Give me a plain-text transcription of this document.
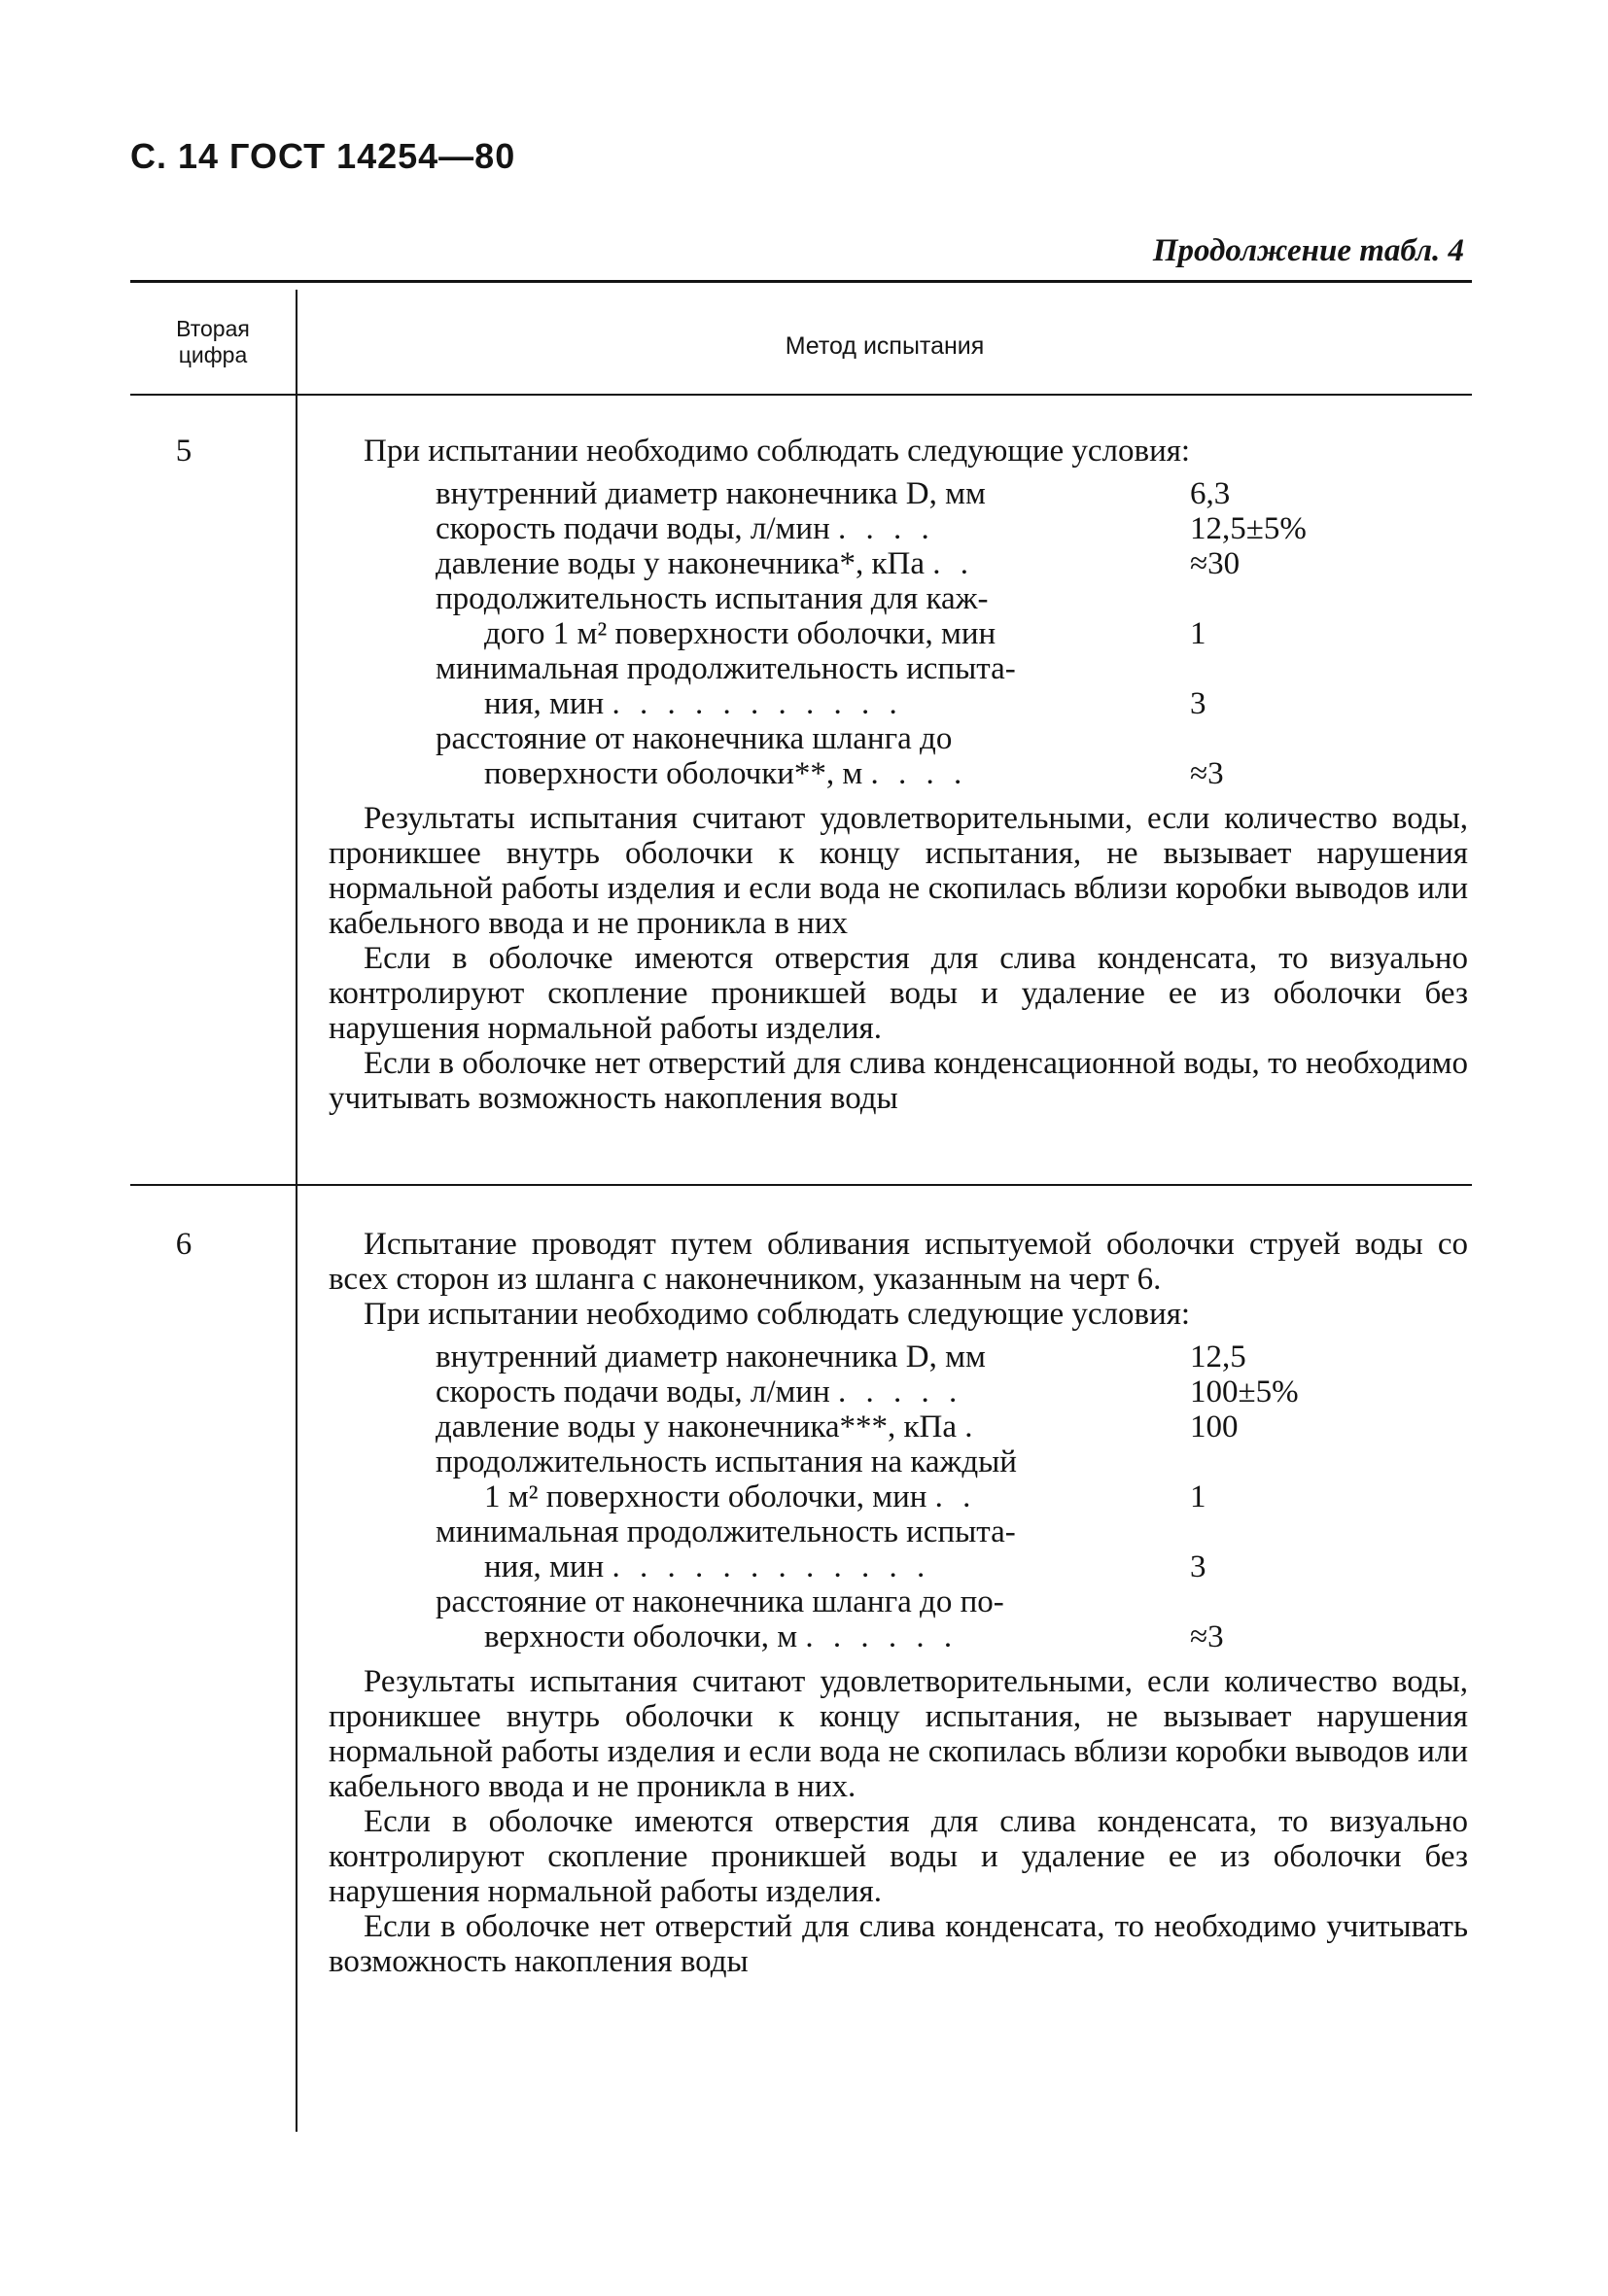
С. 14 ГОСТ 14254—80
Продолжение табл. 4
Вторая
цифра	Метод испытания
5	При испытании необходимо соблюдать следующие условия:

внутренний диаметр наконечника D, мм	6,3
скорость подачи воды, л/мин . . . .	12,5±5%
давление воды у наконечника*, кПа . .	≈30
продолжительность испытания для каж-
дого 1 м² поверхности оболочки, мин	1
минимальная продолжительность испыта-
ния, мин . . . . . . . . . . .	3
расстояние от наконечника шланга до
поверхности оболочки**, м . . . .	≈3

Результаты испытания считают удовлетворительными, если количество воды, проникшее внутрь оболочки к концу испытания, не вызывает нарушения нормальной работы изделия и если вода не скопилась вблизи коробки выводов или кабельного ввода и не проникла в них

Если в оболочке имеются отверстия для слива конденсата, то визуально контролируют скопление проникшей воды и удаление ее из оболочки без нарушения нормальной работы изделия.

Если в оболочке нет отверстий для слива конденсационной воды, то необходимо учитывать возможность накопления воды

6	Испытание проводят путем обливания испытуемой оболочки струей воды со всех сторон из шланга с наконечником, указанным на черт 6.

При испытании необходимо соблюдать следующие условия:

внутренний диаметр наконечника D, мм	12,5
скорость подачи воды, л/мин . . . . .	100±5%
давление воды у наконечника***, кПа .	100
продолжительность испытания на каждый
1 м² поверхности оболочки, мин . .	1
минимальная продолжительность испыта-
ния, мин . . . . . . . . . . . .	3
расстояние от наконечника шланга до по-
верхности оболочки, м . . . . . .	≈3

Результаты испытания считают удовлетворительными, если количество воды, проникшее внутрь оболочки к концу испытания, не вызывает нарушения нормальной работы изделия и если вода не скопилась вблизи коробки выводов или кабельного ввода и не проникла в них.

Если в оболочке имеются отверстия для слива конденсата, то визуально контролируют скопление проникшей воды и удаление ее из оболочки без нарушения нормальной работы изделия.

Если в оболочке нет отверстий для слива конденсата, то необходимо учитывать возможность накопления воды
